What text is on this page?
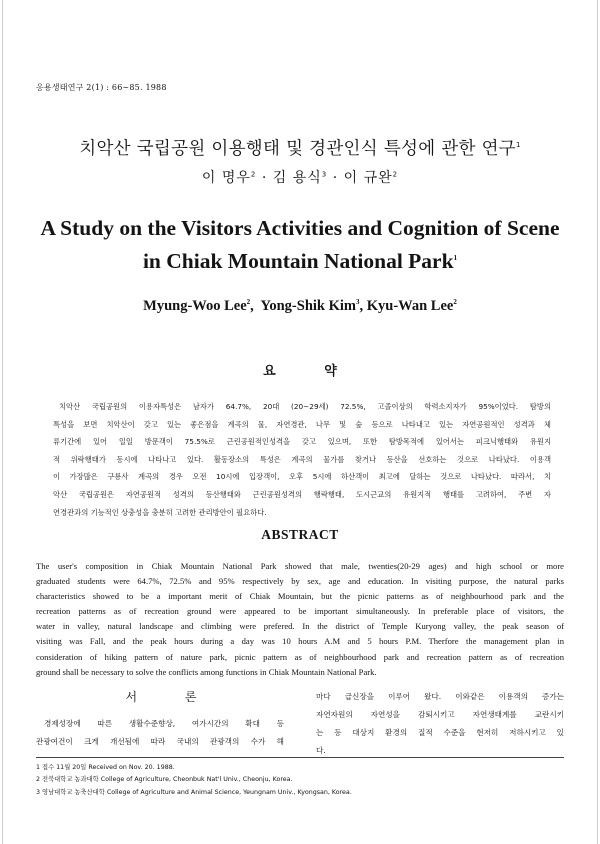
응용생태연구 2(1) : 66∼85. 1988
치악산 국립공원 이용행태 및 경관인식 특성에 관한 연구$^1$
이 명우$^2$ · 김 용식$^3$ · 이 규완$^2$
A Study on the Visitors Activities and Cognition of Scene
in Chiak Mountain National Park$^1$
Myung-Woo Lee$^2$,  Yong-Shik Kim$^3$, Kyu-Wan Lee$^2$
요 약
치악산 국립공원의 이용자특성은 남자가 64.7%, 20대 (20∼29세) 72.5%, 고졸이상의 학력소지자가 95%이었다. 탐방의
특성을 보면 치악산이 갖고 있는 좋은점을 계곡의 물, 자연경관, 나무 및 숲 등으로 나타내고 있는 자연공원적인 성격과 체
류기간에 있어 일일 방문객이 75.5%로 근린공원적인성격을 갖고 있으며, 또한 탐방목적에 있어서는 피크닉행태와 유원지
적 위락행태가 동시에 나타나고 있다. 활동장소의 특성은 계곡의 물가를 찾거나 등산을 선호하는 것으로 나타났다. 이용객
이 가장많은 구룡사 계곡의 경우 오전 10시에 입장객이, 오후 5시에 하산객이 최고에 달하는 것으로 나타났다. 따라서, 치
악산 국립공원은 자연공원적 성격의 등산행태와 근린공원성격의 행락행태, 도시근교의 유원지적 행태를 고려하여, 주변 자
연경관과의 기능적인 상충성을 충분히 고려한 관리방안이 필요하다.
ABSTRACT
The user's composition in Chiak Mountain National Park showed that male, twenties(20-29 ages) and high school or more
graduated students were 64.7%, 72.5% and 95% respectively by sex, age and education. In visiting purpose, the natural parks
characteristics showed to be a important merit of Chiak Mountain, but the picnic patterns as of neighbourhood park and the
recreation patterns as of recreation ground were appeared to be important simultaneously. In preferable place of visitors, the
water in valley, natural landscape and climbing were prefered. In the district of Temple Kuryong valley, the peak season of
visiting was Fall, and the peak hours during a day was 10 hours A.M and 5 hours P.M. Therfore the management plan in
consideration of hiking pattern of nature park, picnic pattern as of neighbourhood park and recreation pattern as of recreation
ground shall be necessary to solve the conflicts among functions in Chiak Mountain National Park.
서 론
경제성장에 따른 생활수준향상, 여가시간의 확대 등
관광여건이 크게 개선됨에 따라 국내의 관광객의 수가 해
마다 급신장을 이루어 왔다. 이와같은 이용객의 증가는
자연자원의 자연성을 감퇴시키고 자연생태계를 교란시키
는 등 대상지 환경의 질적 수준을 현저히 저하시키고 있
다.
1 접수 11월 20일 Received on Nov. 20. 1988.
2 전북대학교 농과대학 College of Agriculture, Cheonbuk Nat'l Univ., Cheonju, Korea.
3 영남대학교 농축산대학 College of Agriculture and Animal Science, Yeungnam Univ., Kyongsan, Korea.
